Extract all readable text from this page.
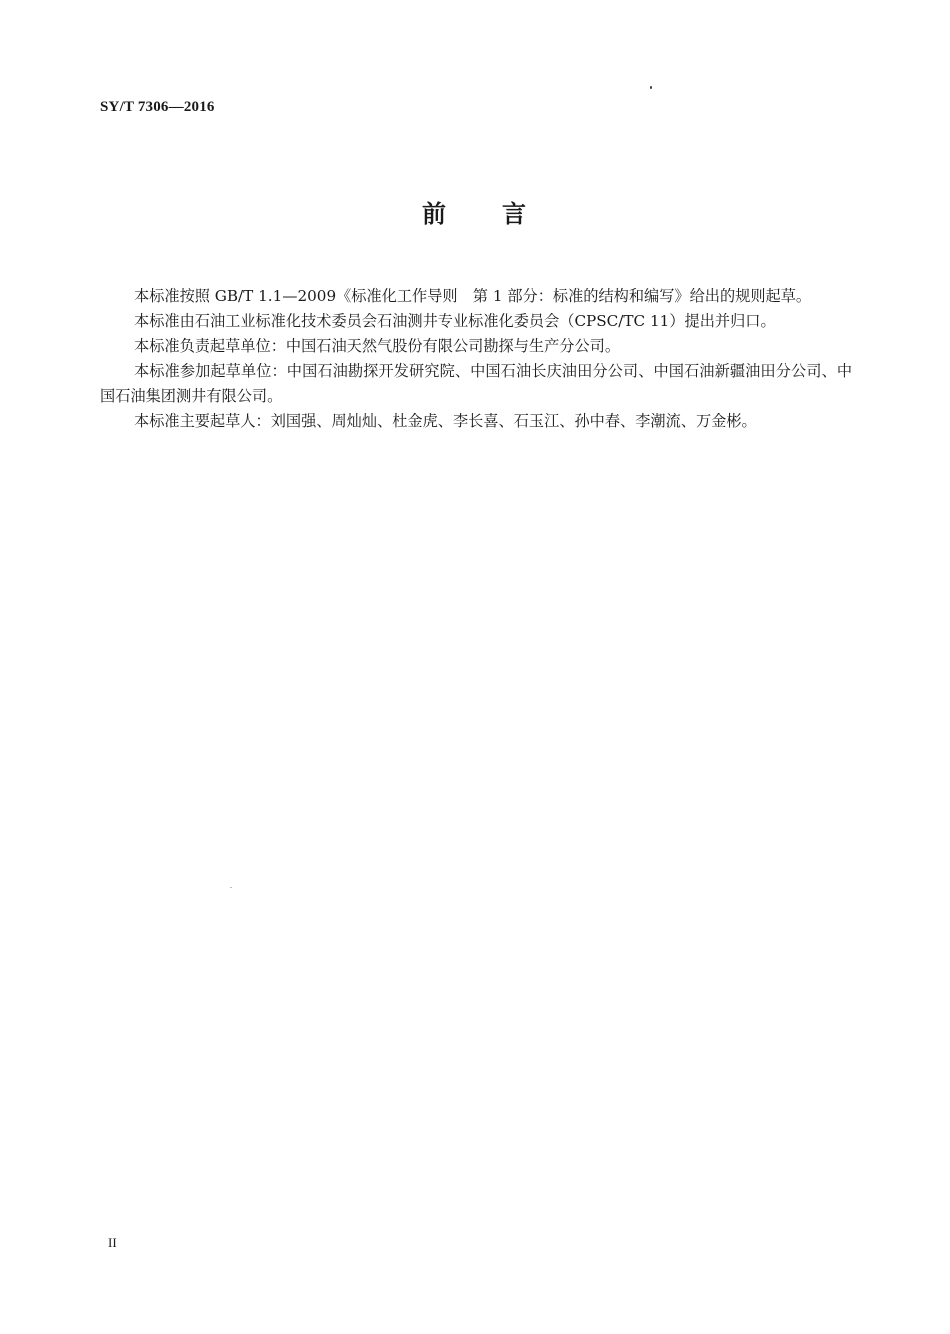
SY/T 7306—2016
前 言

本标准按照 GB/T 1.1—2009《标准化工作导则　第 1 部分：标准的结构和编写》给出的规则起草。

本标准由石油工业标准化技术委员会石油测井专业标准化委员会（CPSC/TC 11）提出并归口。

本标准负责起草单位：中国石油天然气股份有限公司勘探与生产分公司。

本标准参加起草单位：中国石油勘探开发研究院、中国石油长庆油田分公司、中国石油新疆油田分公司、中国石油集团测井有限公司。

本标准主要起草人：刘国强、周灿灿、杜金虎、李长喜、石玉江、孙中春、李潮流、万金彬。

II
